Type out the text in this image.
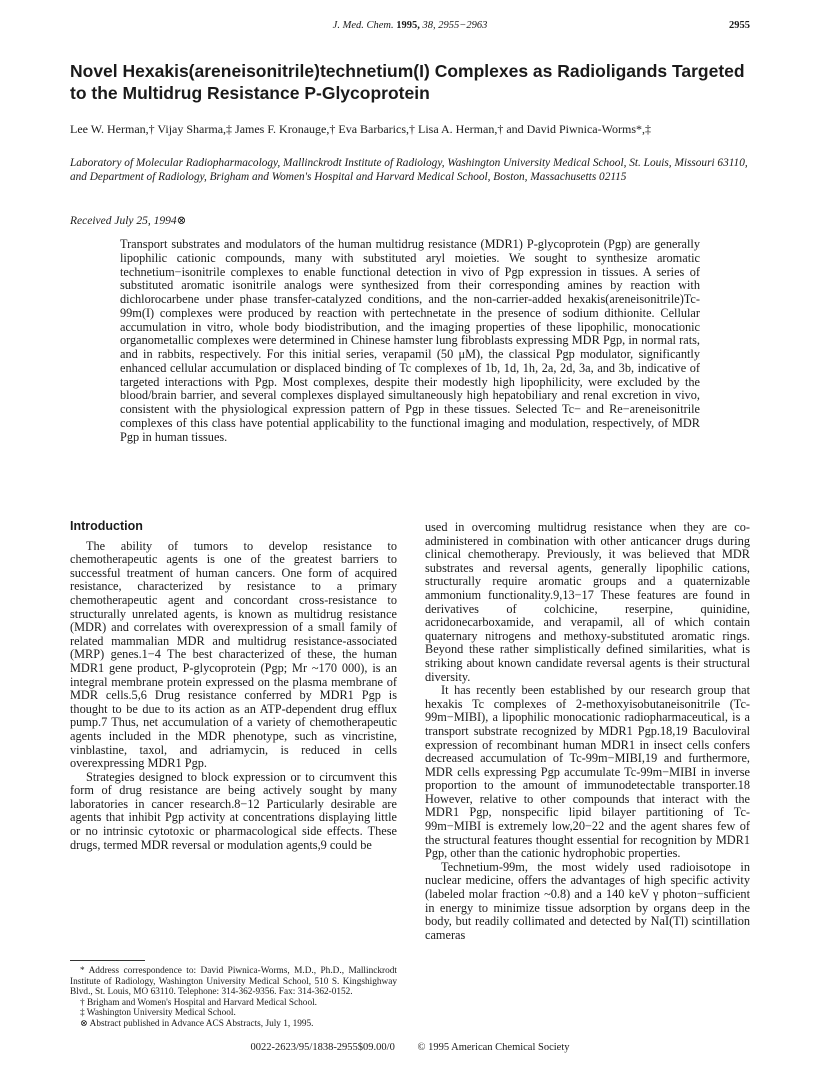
J. Med. Chem. 1995, 38, 2955−2963	2955
Novel Hexakis(areneisonitrile)technetium(I) Complexes as Radioligands Targeted to the Multidrug Resistance P-Glycoprotein
Lee W. Herman,† Vijay Sharma,‡ James F. Kronauge,† Eva Barbarics,† Lisa A. Herman,† and David Piwnica-Worms*,‡
Laboratory of Molecular Radiopharmacology, Mallinckrodt Institute of Radiology, Washington University Medical School, St. Louis, Missouri 63110, and Department of Radiology, Brigham and Women's Hospital and Harvard Medical School, Boston, Massachusetts 02115
Received July 25, 1994⊗

Transport substrates and modulators of the human multidrug resistance (MDR1) P-glycoprotein (Pgp) are generally lipophilic cationic compounds, many with substituted aryl moieties. We sought to synthesize aromatic technetium−isonitrile complexes to enable functional detection in vivo of Pgp expression in tissues. A series of substituted aromatic isonitrile analogs were synthesized from their corresponding amines by reaction with dichlorocarbene under phase transfer-catalyzed conditions, and the non-carrier-added hexakis(areneisonitrile)Tc-99m(I) complexes were produced by reaction with pertechnetate in the presence of sodium dithionite. Cellular accumulation in vitro, whole body biodistribution, and the imaging properties of these lipophilic, monocationic organometallic complexes were determined in Chinese hamster lung fibroblasts expressing MDR Pgp, in normal rats, and in rabbits, respectively. For this initial series, verapamil (50 μM), the classical Pgp modulator, significantly enhanced cellular accumulation or displaced binding of Tc complexes of 1b, 1d, 1h, 2a, 2d, 3a, and 3b, indicative of targeted interactions with Pgp. Most complexes, despite their modestly high lipophilicity, were excluded by the blood/brain barrier, and several complexes displayed simultaneously high hepatobiliary and renal excretion in vivo, consistent with the physiological expression pattern of Pgp in these tissues. Selected Tc− and Re−areneisonitrile complexes of this class have potential applicability to the functional imaging and modulation, respectively, of MDR Pgp in human tissues.

Introduction

The ability of tumors to develop resistance to chemotherapeutic agents is one of the greatest barriers to successful treatment of human cancers. One form of acquired resistance, characterized by resistance to a primary chemotherapeutic agent and concordant cross-resistance to structurally unrelated agents, is known as multidrug resistance (MDR) and correlates with overexpression of a small family of related mammalian MDR and multidrug resistance-associated (MRP) genes.1−4 The best characterized of these, the human MDR1 gene product, P-glycoprotein (Pgp; Mr ~170 000), is an integral membrane protein expressed on the plasma membrane of MDR cells.5,6 Drug resistance conferred by MDR1 Pgp is thought to be due to its action as an ATP-dependent drug efflux pump.7 Thus, net accumulation of a variety of chemotherapeutic agents included in the MDR phenotype, such as vincristine, vinblastine, taxol, and adriamycin, is reduced in cells overexpressing MDR1 Pgp.

Strategies designed to block expression or to circumvent this form of drug resistance are being actively sought by many laboratories in cancer research.8−12 Particularly desirable are agents that inhibit Pgp activity at concentrations displaying little or no intrinsic cytotoxic or pharmacological side effects. These drugs, termed MDR reversal or modulation agents,9 could be

used in overcoming multidrug resistance when they are co-administered in combination with other anticancer drugs during clinical chemotherapy. Previously, it was believed that MDR substrates and reversal agents, generally lipophilic cations, structurally require aromatic groups and a quaternizable ammonium functionality.9,13−17 These features are found in derivatives of colchicine, reserpine, quinidine, acridonecarboxamide, and verapamil, all of which contain quaternary nitrogens and methoxy-substituted aromatic rings. Beyond these rather simplistically defined similarities, what is striking about known candidate reversal agents is their structural diversity.

It has recently been established by our research group that hexakis Tc complexes of 2-methoxyisobutaneisonitrile (Tc-99m−MIBI), a lipophilic monocationic radiopharmaceutical, is a transport substrate recognized by MDR1 Pgp.18,19 Baculoviral expression of recombinant human MDR1 in insect cells confers decreased accumulation of Tc-99m−MIBI,19 and furthermore, MDR cells expressing Pgp accumulate Tc-99m−MIBI in inverse proportion to the amount of immunodetectable transporter.18 However, relative to other compounds that interact with the MDR1 Pgp, nonspecific lipid bilayer partitioning of Tc-99m−MIBI is extremely low,20−22 and the agent shares few of the structural features thought essential for recognition by MDR1 Pgp, other than the cationic hydrophobic properties.

Technetium-99m, the most widely used radioisotope in nuclear medicine, offers the advantages of high specific activity (labeled molar fraction ~0.8) and a 140 keV γ photon−sufficient in energy to minimize tissue adsorption by organs deep in the body, but readily collimated and detected by NaI(Tl) scintillation cameras

* Address correspondence to: David Piwnica-Worms, M.D., Ph.D., Mallinckrodt Institute of Radiology, Washington University Medical School, 510 S. Kingshighway Blvd., St. Louis, MO 63110. Telephone: 314-362-9356. Fax: 314-362-0152.

† Brigham and Women's Hospital and Harvard Medical School.

‡ Washington University Medical School.

⊗ Abstract published in Advance ACS Abstracts, July 1, 1995.

0022-2623/95/1838-2955$09.00/0 © 1995 American Chemical Society
